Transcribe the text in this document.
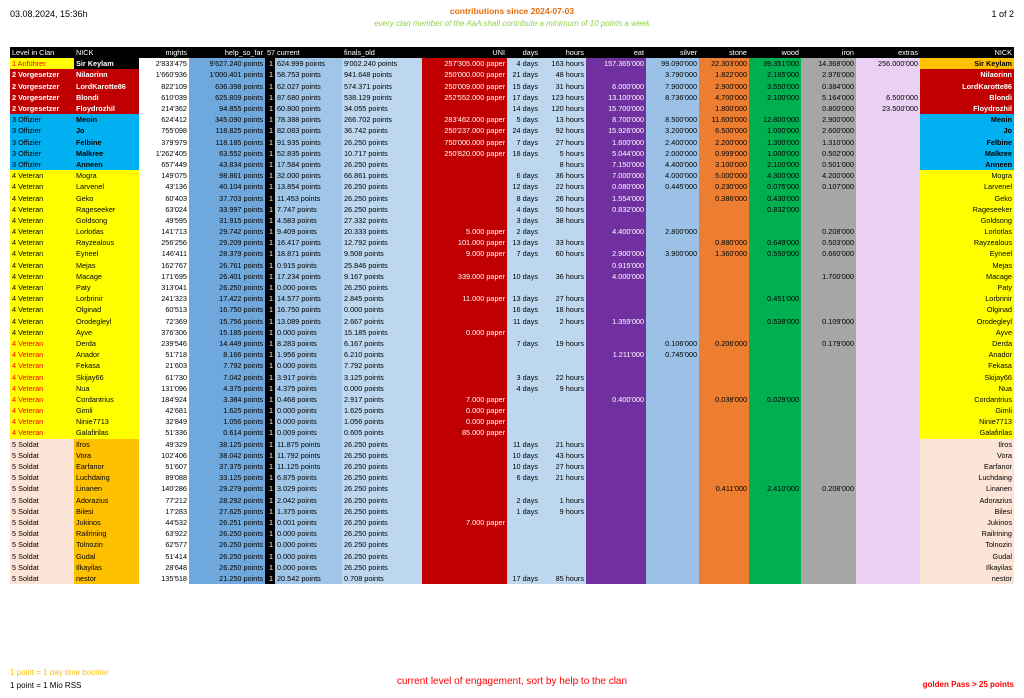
03.08.2024, 15:36h	contributions since 2024-07-03
every clan member of the AaA shall contribute a minimum of 10 points a week
1 of 2
Level in Clan	NICK	mights	help_so_far	57	current	finals_old	UNI	days	hours	eat	silver	stone	wood	iron	extras	NICK
1 Anführer	Sir Keylam	2'833'475	9'627.240 points	1	624.999 points	9'002.240 points	257'305.000 paper	4 days	163 hours	157.365'000	99.090'000	22.303'000	39.351'000	14.368'000	256.000'000	Sir Keylam
2 Vorgesetzer	Nilaorinn	1'660'936	1'000.401 points	1	58.753 points	941.648 points	250'000.000 paper	21 days	48 hours		3.790'000	1.822'000	2.165'000	2.976'000		Nilaorinn
2 Vorgesetzer	LordKarotte86	822'109	636.398 points	1	62.027 points	574.371 points	250'009.000 paper	15 days	31 hours	6.000'000	7.900'000	2.900'000	3.550'000	0.384'000		LordKarotte86
2 Vorgesetzer	Blondi	610'039	625.809 points	1	87.680 points	538.129 points	252'552.000 paper	17 days	123 hours	13.100'000	8.736'000	4.700'000	2.100'000	5.164'000	6.500'000	Blondi
2 Vorgesetzer	Floydrozhil	214'362	94.855 points	1	60.800 points	34.055 points		14 days	120 hours	15.700'000		1.800'000		0.800'000	23.500'000	Floydrozhil
3 Offizier	Meoin	624'412	345.090 points	1	78.388 points	266.702 points	283'462.000 paper	5 days	13 hours	8.700'000	8.500'000	11.600'000	12.800'000	2.900'000		Meoin
3 Offizier	Jo	755'098	118.825 points	1	82.083 points	36.742 points	250'237.000 paper	24 days	92 hours	15.926'000	3.200'000	6.500'000	1.000'000	2.600'000		Jo
3 Offizier	Felbine	379'979	118.185 points	1	91.935 points	26.250 points	750'000.000 paper	7 days	27 hours	1.600'000	2.400'000	2.200'000	1.300'000	1.310'000		Felbine
3 Offizier	Malkree	1'262'405	63.552 points	1	52.835 points	10.717 points	250'820.000 paper	18 days	5 hours	5.044'000	2.000'000	0.999'000	1.000'000	0.502'000		Malkree
3 Offizier	Anneen	657'449	43.834 points	1	17.584 points	26.250 points			8 hours	7.150'000	4.400'000	3.100'000	2.100'000	0.501'000		Anneen
4 Veteran	Mogra	149'075	98.861 points	1	32.000 points	66.861 points		6 days	36 hours	7.000'000	4.000'000	5.000'000	4.300'000	4.200'000		Mogra
4 Veteran	Larvenel	43'136	40.104 points	1	13.854 points	26.250 points		12 days	22 hours	0.080'000	0.445'000	0.230'000	0.075'000	0.107'000		Larvenel
4 Veteran	Geko	60'403	37.703 points	1	11.453 points	26.250 points		8 days	26 hours	1.554'000		0.386'000	0.430'000			Geko
4 Veteran	Rageseeker	63'024	33.997 points	1	7.747 points	26.250 points		4 days	50 hours	0.832'000			0.832'000			Rageseeker
4 Veteran	Goldsong	49'595	31.915 points	1	4.583 points	27.332 points		3 days	38 hours							Goldsong
4 Veteran	Lorlotlas	141'713	29.742 points	1	9.409 points	20.333 points	5.000 paper	2 days		4.400'000	2.800'000			0.208'000		Lorlotlas
4 Veteran	Rayzealous	256'256	29.209 points	1	16.417 points	12.792 points	101.000 paper	13 days	33 hours			0.880'000	0.649'000	0.503'000		Rayzealous
4 Veteran	Eyneel	146'411	28.379 points	1	18.871 points	9.508 points	9.000 paper	7 days	60 hours	2.900'000	3.900'000	1.360'000	0.550'000	0.660'000		Eyneel
4 Veteran	Mejas	162'767	26.761 points	1	0.915 points	25.846 points				0.915'000						Mejas
4 Veteran	Macage	171'695	26.401 points	1	17.234 points	9.167 points	339.000 paper	10 days	36 hours	4.000'000				1.700'000		Macage
4 Veteran	Paty	313'041	26.250 points	1	0.000 points	26.250 points										Paty
4 Veteran	Lorbrinir	241'323	17.422 points	1	14.577 points	2.845 points	11.000 paper	13 days	27 hours				0.451'000			Lorbrinir
4 Veteran	Olginad	60'513	16.750 points	1	16.750 points	0.000 points		16 days	18 hours							Olginad
4 Veteran	Orodegleyl	72'369	15.756 points	1	13.089 points	2.667 points		11 days	2 hours	1.359'000			0.538'000	0.109'000		Orodegleyl
4 Veteran	Ayve	376'306	15.185 points	1	0.000 points	15.185 points	0.000 paper									Ayve
4 Veteran	Derda	239'546	14.449 points	1	8.283 points	6.167 points		7 days	19 hours		0.106'000	0.206'000		0.179'000		Derda
4 Veteran	Anador	51'718	8.166 points	1	1.956 points	6.210 points				1.211'000	0.745'000					Anador
4 Veteran	Fekasa	21'603	7.792 points	1	0.000 points	7.792 points										Fekasa
4 Veteran	Skijay66	61'730	7.042 points	1	3.917 points	3.125 points		3 days	22 hours							Skijay66
4 Veteran	Nua	131'096	4.375 points	1	4.375 points	0.000 points		4 days	9 hours							Nua
4 Veteran	Cordantrius	184'924	3.384 points	1	0.468 points	2.917 points	7.000 paper			0.400'000		0.038'000	0.029'000			Cordantrius
4 Veteran	Gimli	42'681	1.625 points	1	0.000 points	1.625 points	0.000 paper									Gimli
4 Veteran	Ninie7713	32'849	1.056 points	1	0.000 points	1.056 points	0.000 paper									Ninie7713
4 Veteran	Galafirilas	51'336	0.614 points	1	0.009 points	0.605 points	85.000 paper									Galafirilas
5 Soldat	Ilros	49'329	38.125 points	1	11.875 points	26.250 points		11 days	21 hours							Ilros
5 Soldat	Vora	102'406	38.042 points	1	11.792 points	26.250 points		10 days	43 hours							Vora
5 Soldat	Earfanor	51'607	37.375 points	1	11.125 points	26.250 points		10 days	27 hours							Earfanor
5 Soldat	Luchdaing	89'088	33.125 points	1	6.875 points	26.250 points		6 days	21 hours							Luchdaing
5 Soldat	Linanen	140'286	29.279 points	1	3.029 points	26.250 points						0.411'000	2.410'000	0.208'000		Linanen
5 Soldat	Adorazius	77'212	28.292 points	1	2.042 points	26.250 points		2 days	1 hours							Adorazius
5 Soldat	Bilesi	17'283	27.625 points	1	1.375 points	26.250 points		1 days	9 hours							Bilesi
5 Soldat	Jukinos	44'532	26.251 points	1	0.001 points	26.250 points	7.000 paper									Jukinos
5 Soldat	Railrining	63'922	26.250 points	1	0.000 points	26.250 points										Railrining
5 Soldat	Tolnozin	62'577	26.250 points	1	0.000 points	26.250 points										Tolnozin
5 Soldat	Gudal	51'414	26.250 points	1	0.000 points	26.250 points										Gudal
5 Soldat	Ilkayilas	28'648	26.250 points	1	0.000 points	26.250 points										Ilkayilas
5 Soldat	nestor	135'518	21.250 points	1	20.542 points	0.708 points		17 days	85 hours							nestor
1 point = 1 day time booster
1 point = 1 Mio RSS	current level of engagement, sort by help to the clan	golden Pass > 25 points
